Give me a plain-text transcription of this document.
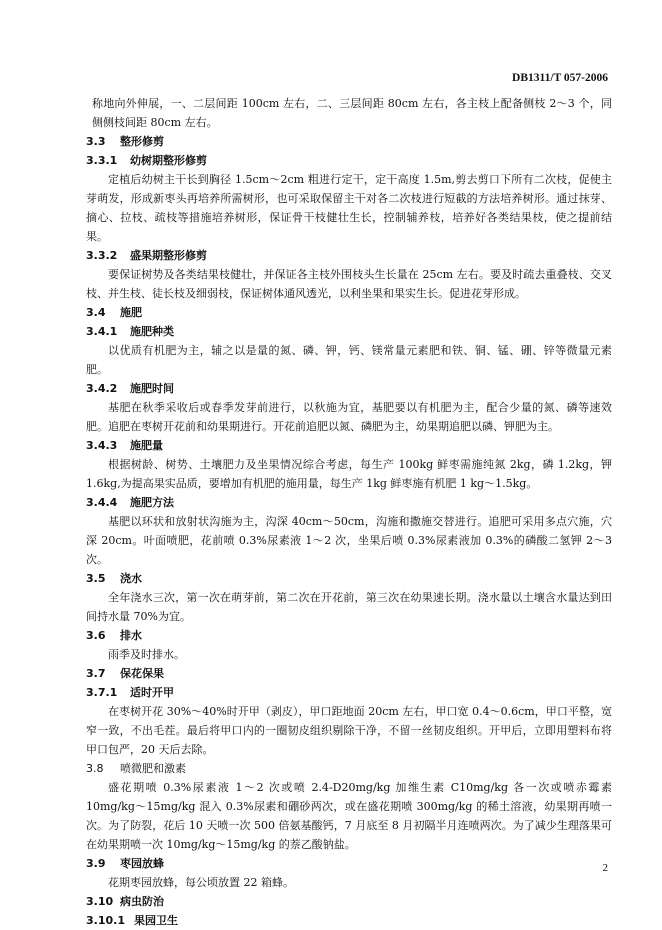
DB1311/T 057-2006

称地向外伸展，一、二层间距 100cm 左右，二、三层间距 80cm 左右，各主枝上配备侧枝 2～3 个，同侧侧枝间距 80cm 左右。

3.3 整形修剪

3.3.1 幼树期整形修剪

定植后幼树主干长到胸径 1.5cm～2cm 粗进行定干，定干高度 1.5m,剪去剪口下所有二次枝，促使主芽萌发，形成新枣头再培养所需树形，也可采取保留主干对各二次枝进行短截的方法培养树形。通过抹芽、摘心、拉枝、疏枝等措施培养树形，保证骨干枝健壮生长，控制辅养枝，培养好各类结果枝，使之提前结果。

3.3.2 盛果期整形修剪

要保证树势及各类结果枝健壮，并保证各主枝外围枝头生长量在 25cm 左右。要及时疏去重叠枝、交叉枝、并生枝、徒长枝及细弱枝，保证树体通风透光，以利坐果和果实生长。促进花芽形成。

3.4 施肥

3.4.1 施肥种类

以优质有机肥为主，辅之以是量的氮、磷、钾，钙、镁常量元素肥和铁、铜、锰、硼、锌等微量元素肥。

3.4.2 施肥时间

基肥在秋季采收后或春季发芽前进行，以秋施为宜，基肥要以有机肥为主，配合少量的氮、磷等速效肥。追肥在枣树开花前和幼果期进行。开花前追肥以氮、磷肥为主，幼果期追肥以磷、钾肥为主。

3.4.3 施肥量

根据树龄、树势、土壤肥力及坐果情况综合考虑，每生产 100kg 鲜枣需施纯氮 2kg，磷 1.2kg，钾 1.6kg,为提高果实品质，要增加有机肥的施用量，每生产 1kg 鲜枣施有机肥 1 kg～1.5kg。

3.4.4 施肥方法

基肥以环状和放射状沟施为主，沟深 40cm～50cm，沟施和撒施交替进行。追肥可采用多点穴施，穴深 20cm。叶面喷肥，花前喷 0.3%尿素液 1～2 次，坐果后喷 0.3%尿素液加 0.3%的磷酸二氢钾 2～3 次。

3.5 浇水

全年浇水三次，第一次在萌芽前，第二次在开花前，第三次在幼果速长期。浇水量以土壤含水量达到田间持水量 70%为宜。

3.6 排水

雨季及时排水。

3.7 保花保果

3.7.1 适时开甲

在枣树开花 30%～40%时开甲（剥皮），甲口距地面 20cm 左右，甲口宽 0.4～0.6cm，甲口平整，宽窄一致，不出毛茬。最后将甲口内的一圈韧皮组织剔除干净，不留一丝韧皮组织。开甲后，立即用塑料布将甲口包严，20 天后去除。

3.8 喷微肥和激素

盛花期喷 0.3%尿素液 1～2 次或喷 2.4-D20mg/kg 加维生素 C10mg/kg 各一次或喷赤霉素 10mg/kg～15mg/kg 混入 0.3%尿素和硼砂两次，或在盛花期喷 300mg/kg 的稀土溶液，幼果期再喷一次。为了防裂，花后 10 天喷一次 500 倍氨基酸钙，7 月底至 8 月初隔半月连喷两次。为了减少生理落果可在幼果期喷一次 10mg/kg～15mg/kg 的萘乙酸钠盐。

3.9 枣园放蜂

花期枣园放蜂，每公顷放置 22 箱蜂。

3.10 病虫防治

3.10.1 果园卫生

2
